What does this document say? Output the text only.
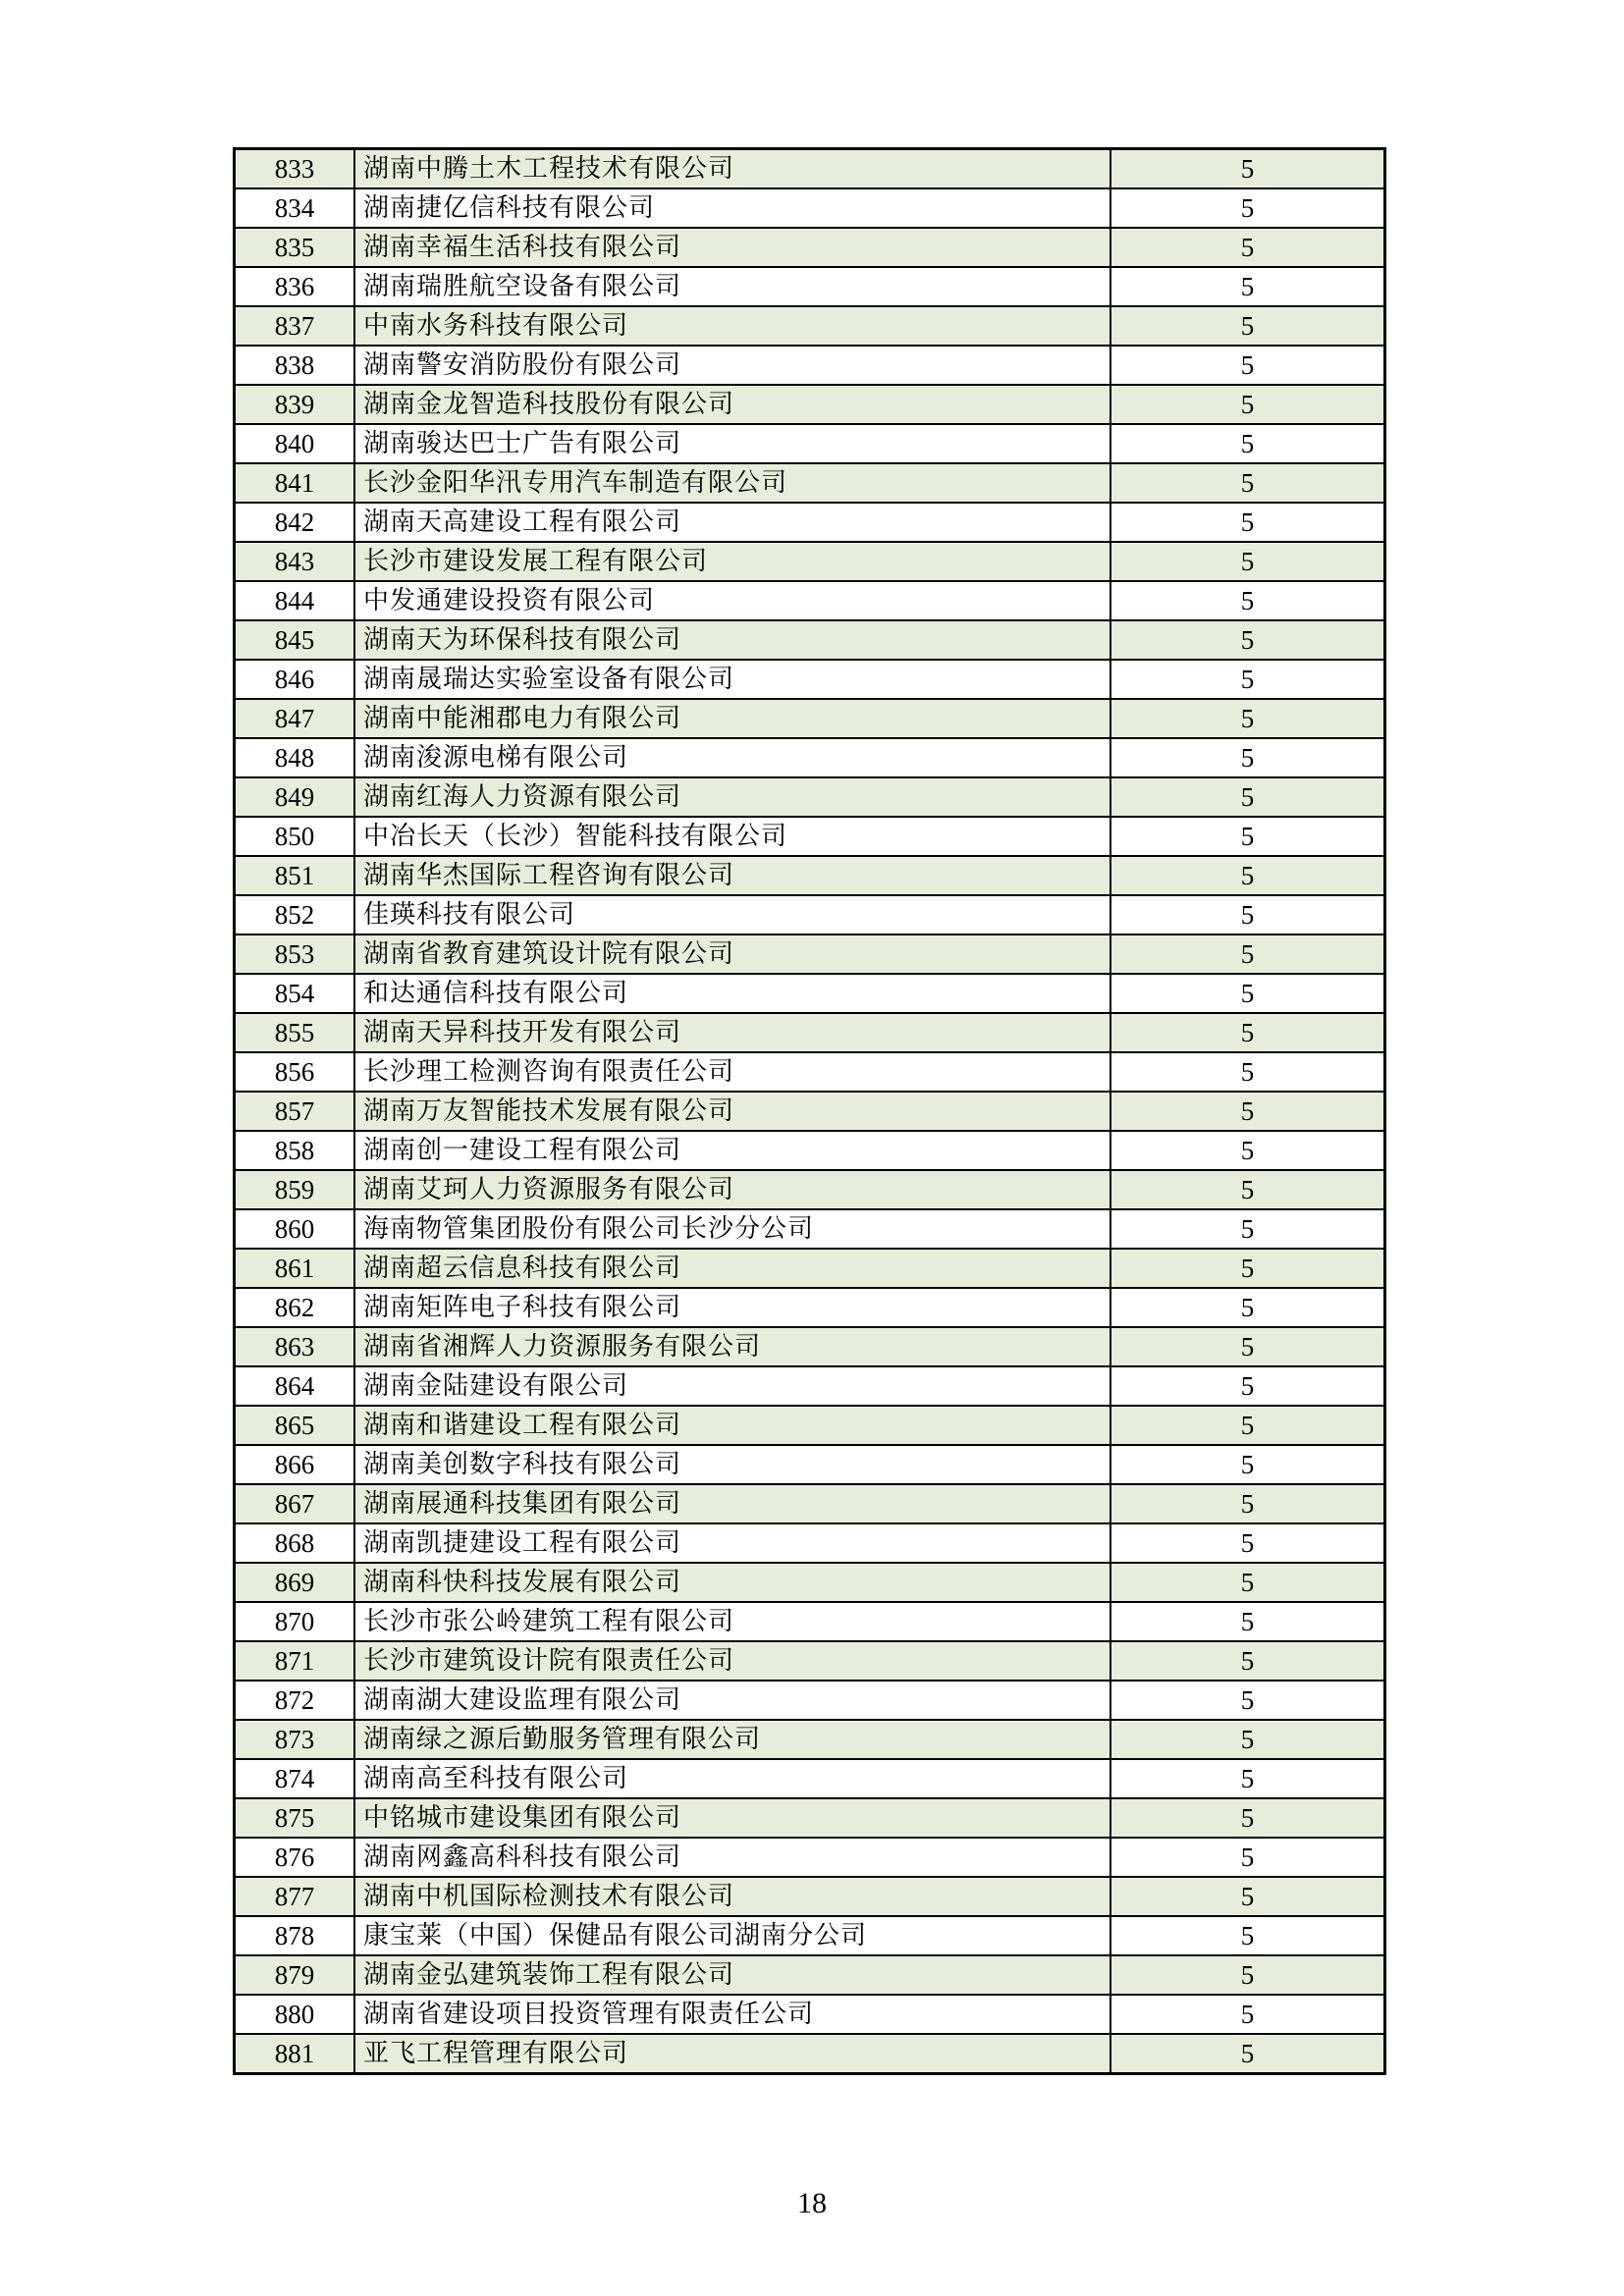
833	湖南中腾土木工程技术有限公司	5
834	湖南捷亿信科技有限公司	5
835	湖南幸福生活科技有限公司	5
836	湖南瑞胜航空设备有限公司	5
837	中南水务科技有限公司	5
838	湖南警安消防股份有限公司	5
839	湖南金龙智造科技股份有限公司	5
840	湖南骏达巴士广告有限公司	5
841	长沙金阳华汛专用汽车制造有限公司	5
842	湖南天高建设工程有限公司	5
843	长沙市建设发展工程有限公司	5
844	中发通建设投资有限公司	5
845	湖南天为环保科技有限公司	5
846	湖南晟瑞达实验室设备有限公司	5
847	湖南中能湘郡电力有限公司	5
848	湖南浚源电梯有限公司	5
849	湖南红海人力资源有限公司	5
850	中冶长天（长沙）智能科技有限公司	5
851	湖南华杰国际工程咨询有限公司	5
852	佳瑛科技有限公司	5
853	湖南省教育建筑设计院有限公司	5
854	和达通信科技有限公司	5
855	湖南天异科技开发有限公司	5
856	长沙理工检测咨询有限责任公司	5
857	湖南万友智能技术发展有限公司	5
858	湖南创一建设工程有限公司	5
859	湖南艾珂人力资源服务有限公司	5
860	海南物管集团股份有限公司长沙分公司	5
861	湖南超云信息科技有限公司	5
862	湖南矩阵电子科技有限公司	5
863	湖南省湘辉人力资源服务有限公司	5
864	湖南金陆建设有限公司	5
865	湖南和谐建设工程有限公司	5
866	湖南美创数字科技有限公司	5
867	湖南展通科技集团有限公司	5
868	湖南凯捷建设工程有限公司	5
869	湖南科快科技发展有限公司	5
870	长沙市张公岭建筑工程有限公司	5
871	长沙市建筑设计院有限责任公司	5
872	湖南湖大建设监理有限公司	5
873	湖南绿之源后勤服务管理有限公司	5
874	湖南高至科技有限公司	5
875	中铭城市建设集团有限公司	5
876	湖南网鑫高科科技有限公司	5
877	湖南中机国际检测技术有限公司	5
878	康宝莱（中国）保健品有限公司湖南分公司	5
879	湖南金弘建筑装饰工程有限公司	5
880	湖南省建设项目投资管理有限责任公司	5
881	亚飞工程管理有限公司	5
18
